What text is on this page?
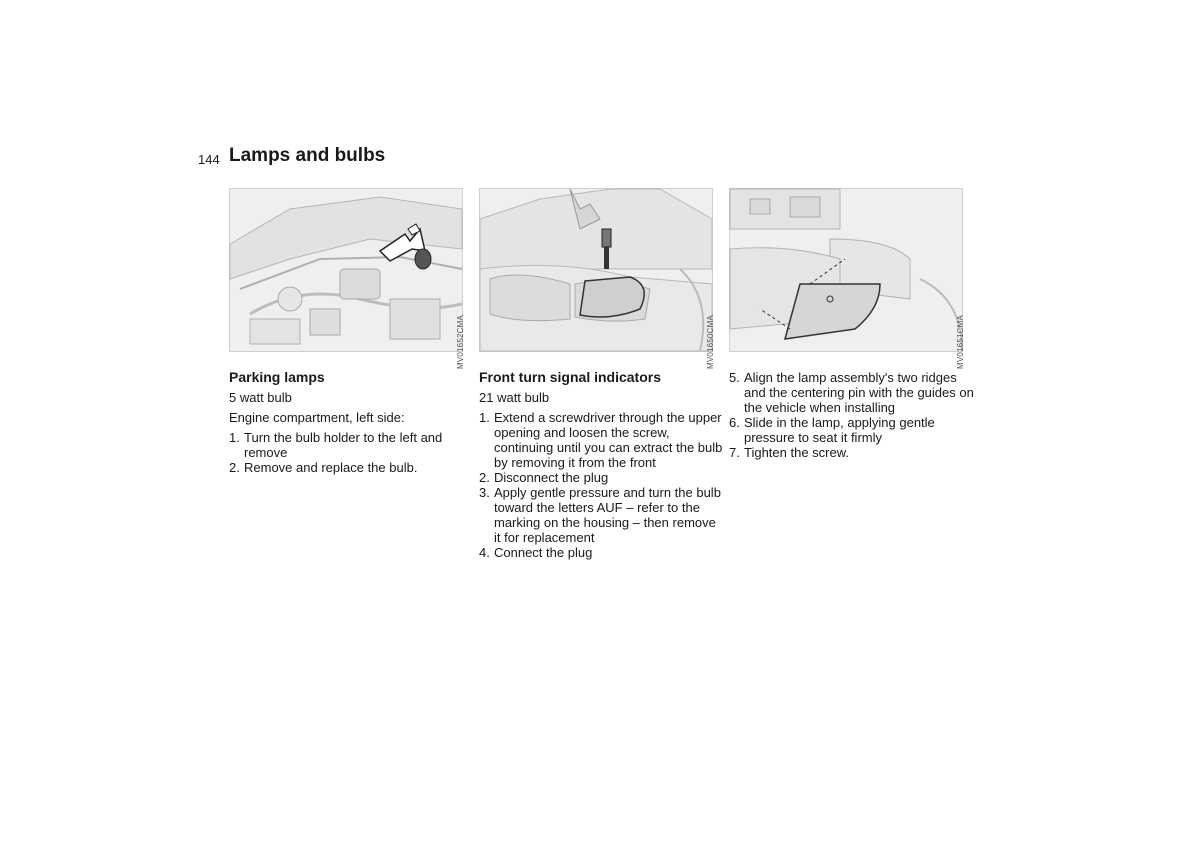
144 Lamps and bulbs
MV01652CMA	MV01650CMA	MV01651CMA
Parking lamps

5 watt bulb

Engine compartment, left side:

1. Turn the bulb holder to the left and remove
2. Remove and replace the bulb.
Front turn signal indicators

21 watt bulb

1. Extend a screwdriver through the upper opening and loosen the screw, continuing until you can extract the bulb by removing it from the front
2. Disconnect the plug
3. Apply gentle pressure and turn the bulb toward the letters AUF – refer to the marking on the housing – then remove it for replacement
4. Connect the plug
5. Align the lamp assembly's two ridges and the centering pin with the guides on the vehicle when installing
6. Slide in the lamp, applying gentle pressure to seat it firmly
7. Tighten the screw.
